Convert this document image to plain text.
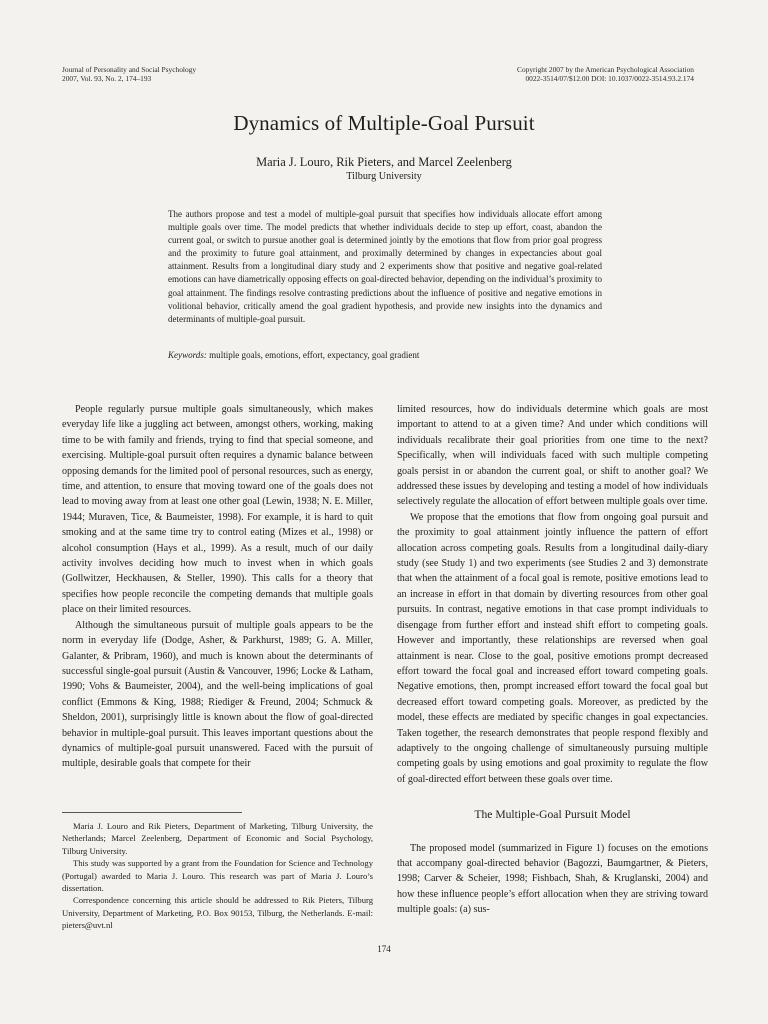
Journal of Personality and Social Psychology
2007, Vol. 93, No. 2, 174–193
Copyright 2007 by the American Psychological Association
0022-3514/07/$12.00 DOI: 10.1037/0022-3514.93.2.174
Dynamics of Multiple-Goal Pursuit
Maria J. Louro, Rik Pieters, and Marcel Zeelenberg
Tilburg University

The authors propose and test a model of multiple-goal pursuit that specifies how individuals allocate effort among multiple goals over time. The model predicts that whether individuals decide to step up effort, coast, abandon the current goal, or switch to pursue another goal is determined jointly by the emotions that flow from prior goal progress and the proximity to future goal attainment, and proximally determined by changes in expectancies about goal attainment. Results from a longitudinal diary study and 2 experiments show that positive and negative goal-related emotions can have diametrically opposing effects on goal-directed behavior, depending on the individual’s proximity to goal attainment. The findings resolve contrasting predictions about the influence of positive and negative emotions in volitional behavior, critically amend the goal gradient hypothesis, and provide new insights into the dynamics and determinants of multiple-goal pursuit.

Keywords: multiple goals, emotions, effort, expectancy, goal gradient

People regularly pursue multiple goals simultaneously, which makes everyday life like a juggling act between, amongst others, working, making time to be with family and friends, trying to find that special someone, and exercising. Multiple-goal pursuit often requires a dynamic balance between opposing demands for the limited pool of personal resources, such as energy, time, and attention, to ensure that moving toward one of the goals does not lead to moving away from at least one other goal (Lewin, 1938; N. E. Miller, 1944; Muraven, Tice, & Baumeister, 1998). For example, it is hard to quit smoking and at the same time try to control eating (Mizes et al., 1998) or alcohol consumption (Hays et al., 1999). As a result, much of our daily activity involves deciding how much to invest when in which goals (Gollwitzer, Heckhausen, & Steller, 1990). This calls for a theory that specifies how people reconcile the competing demands that multiple goals place on their limited resources.

Although the simultaneous pursuit of multiple goals appears to be the norm in everyday life (Dodge, Asher, & Parkhurst, 1989; G. A. Miller, Galanter, & Pribram, 1960), and much is known about the determinants of successful single-goal pursuit (Austin & Vancouver, 1996; Locke & Latham, 1990; Vohs & Baumeister, 2004), and the well-being implications of goal conflict (Emmons & King, 1988; Riediger & Freund, 2004; Schmuck & Sheldon, 2001), surprisingly little is known about the flow of goal-directed behavior in multiple-goal pursuit. This leaves important questions about the dynamics of multiple-goal pursuit unanswered. Faced with the pursuit of multiple, desirable goals that compete for their

limited resources, how do individuals determine which goals are most important to attend to at a given time? And under which conditions will individuals recalibrate their goal priorities from one time to the next? Specifically, when will individuals faced with such multiple competing goals persist in or abandon the current goal, or shift to another goal? We addressed these issues by developing and testing a model of how individuals selectively regulate the allocation of effort between multiple goals over time.

We propose that the emotions that flow from ongoing goal pursuit and the proximity to goal attainment jointly influence the pattern of effort allocation across competing goals. Results from a longitudinal daily-diary study (see Study 1) and two experiments (see Studies 2 and 3) demonstrate that when the attainment of a focal goal is remote, positive emotions lead to an increase in effort in that domain by diverting resources from other goal pursuits. In contrast, negative emotions in that case prompt individuals to disengage from further effort and instead shift effort to competing goals. However and importantly, these relationships are reversed when goal attainment is near. Close to the goal, positive emotions prompt decreased effort toward the focal goal and increased effort toward competing goals. Negative emotions, then, prompt increased effort toward the focal goal but decreased effort toward competing goals. Moreover, as predicted by the model, these effects are mediated by specific changes in goal expectancies. Taken together, the research demonstrates that people respond flexibly and adaptively to the ongoing challenge of simultaneously pursuing multiple competing goals by using emotions and goal proximity to regulate the flow of goal-directed effort between these goals over time.

The Multiple-Goal Pursuit Model

The proposed model (summarized in Figure 1) focuses on the emotions that accompany goal-directed behavior (Bagozzi, Baumgartner, & Pieters, 1998; Carver & Scheier, 1998; Fishbach, Shah, & Kruglanski, 2004) and how these influence people’s effort allocation when they are striving toward multiple goals: (a) sus-

Maria J. Louro and Rik Pieters, Department of Marketing, Tilburg University, the Netherlands; Marcel Zeelenberg, Department of Economic and Social Psychology, Tilburg University.

This study was supported by a grant from the Foundation for Science and Technology (Portugal) awarded to Maria J. Louro. This research was part of Maria J. Louro’s dissertation.

Correspondence concerning this article should be addressed to Rik Pieters, Tilburg University, Department of Marketing, P.O. Box 90153, Tilburg, the Netherlands. E-mail: pieters@uvt.nl

174
